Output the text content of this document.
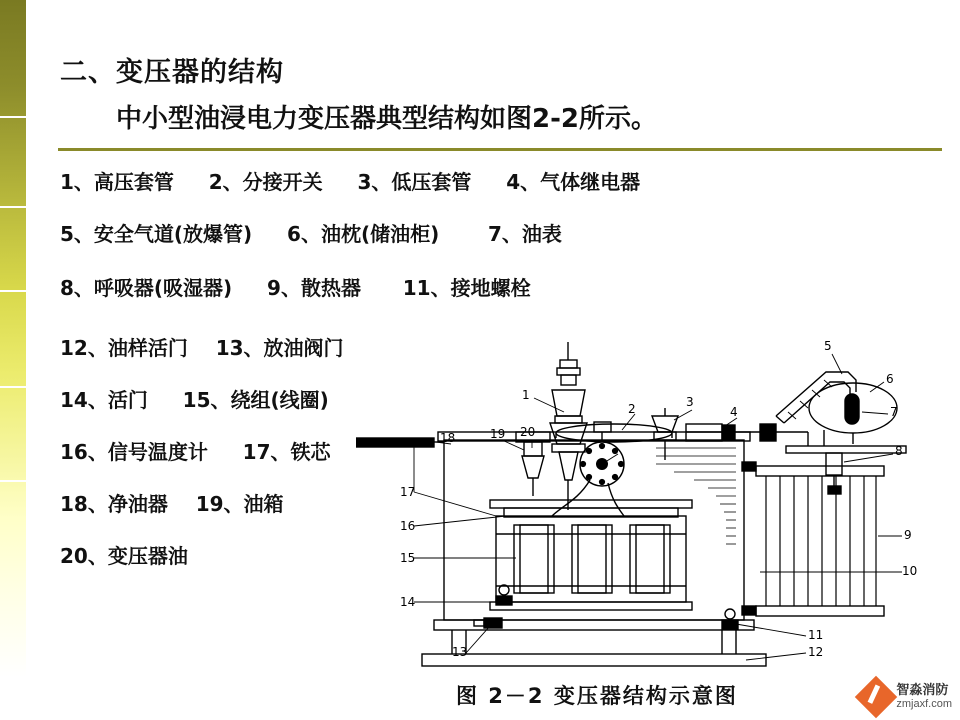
二、变压器的结构
中小型油浸电力变压器典型结构如图2-2所示。
1、高压套管 2、分接开关 3、低压套管 4、气体继电器
5、安全气道(放爆管) 6、油枕(储油柜) 7、油表
8、呼吸器(吸湿器) 9、散热器 11、接地螺栓
12、油样活门 13、放油阀门
14、活门 15、绕组(线圈)
16、信号温度计 17、铁芯
18、净油器 19、油箱
20、变压器油
1
2	3
4
5
6
7
8
9
10
11
12
13
14
15
16
17
18	19 20
图 2－2 变压器结构示意图	智淼消防
zmjaxf.com
